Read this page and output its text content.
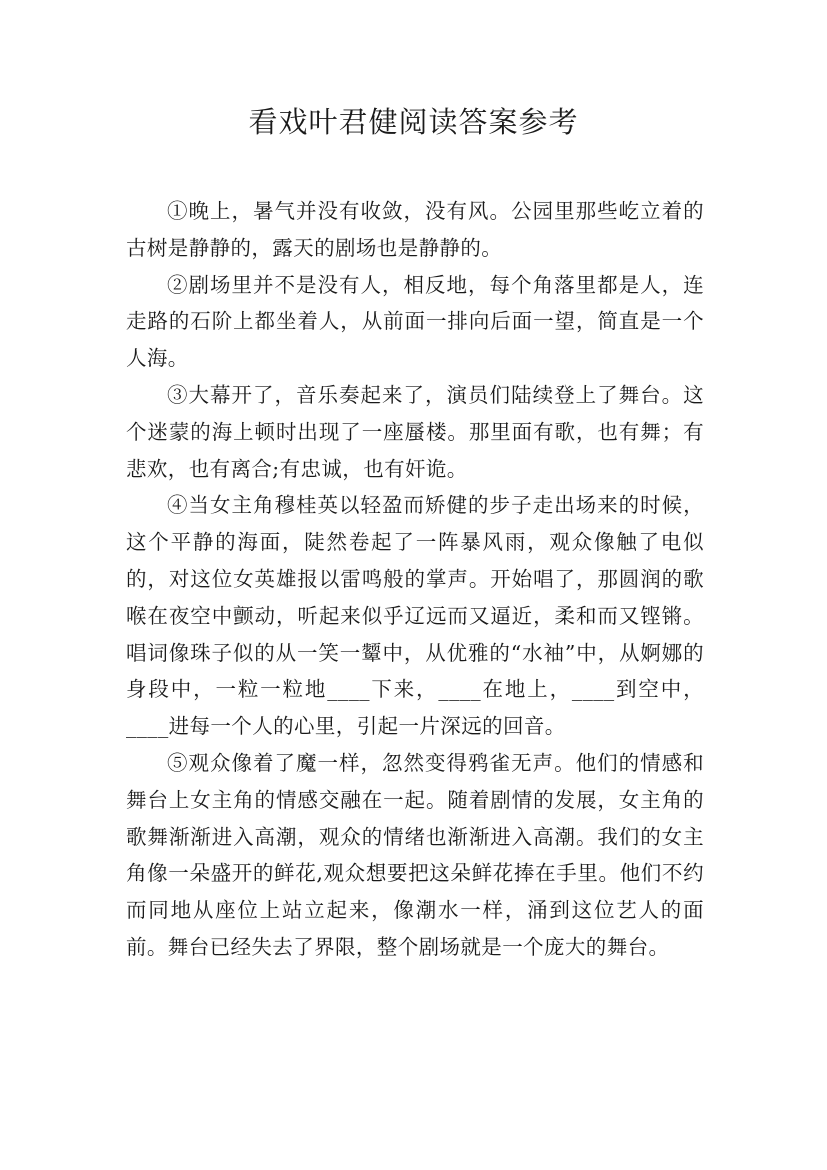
看戏叶君健阅读答案参考

①晚上，暑气并没有收敛，没有风。公园里那些屹立着的古树是静静的，露天的剧场也是静静的。

②剧场里并不是没有人，相反地，每个角落里都是人，连走路的石阶上都坐着人，从前面一排向后面一望，简直是一个人海。

③大幕开了，音乐奏起来了，演员们陆续登上了舞台。这个迷蒙的海上顿时出现了一座蜃楼。那里面有歌，也有舞；有悲欢，也有离合;有忠诚，也有奸诡。

④当女主角穆桂英以轻盈而矫健的步子走出场来的时候，这个平静的海面，陡然卷起了一阵暴风雨，观众像触了电似的，对这位女英雄报以雷鸣般的掌声。开始唱了，那圆润的歌喉在夜空中颤动，听起来似乎辽远而又逼近，柔和而又铿锵。唱词像珠子似的从一笑一颦中，从优雅的“水袖”中，从婀娜的身段中，一粒一粒地____下来，____在地上，____到空中，____进每一个人的心里，引起一片深远的回音。

⑤观众像着了魔一样，忽然变得鸦雀无声。他们的情感和舞台上女主角的情感交融在一起。随着剧情的发展，女主角的歌舞渐渐进入高潮，观众的情绪也渐渐进入高潮。我们的女主角像一朵盛开的鲜花,观众想要把这朵鲜花捧在手里。他们不约而同地从座位上站立起来，像潮水一样，涌到这位艺人的面前。舞台已经失去了界限，整个剧场就是一个庞大的舞台。
